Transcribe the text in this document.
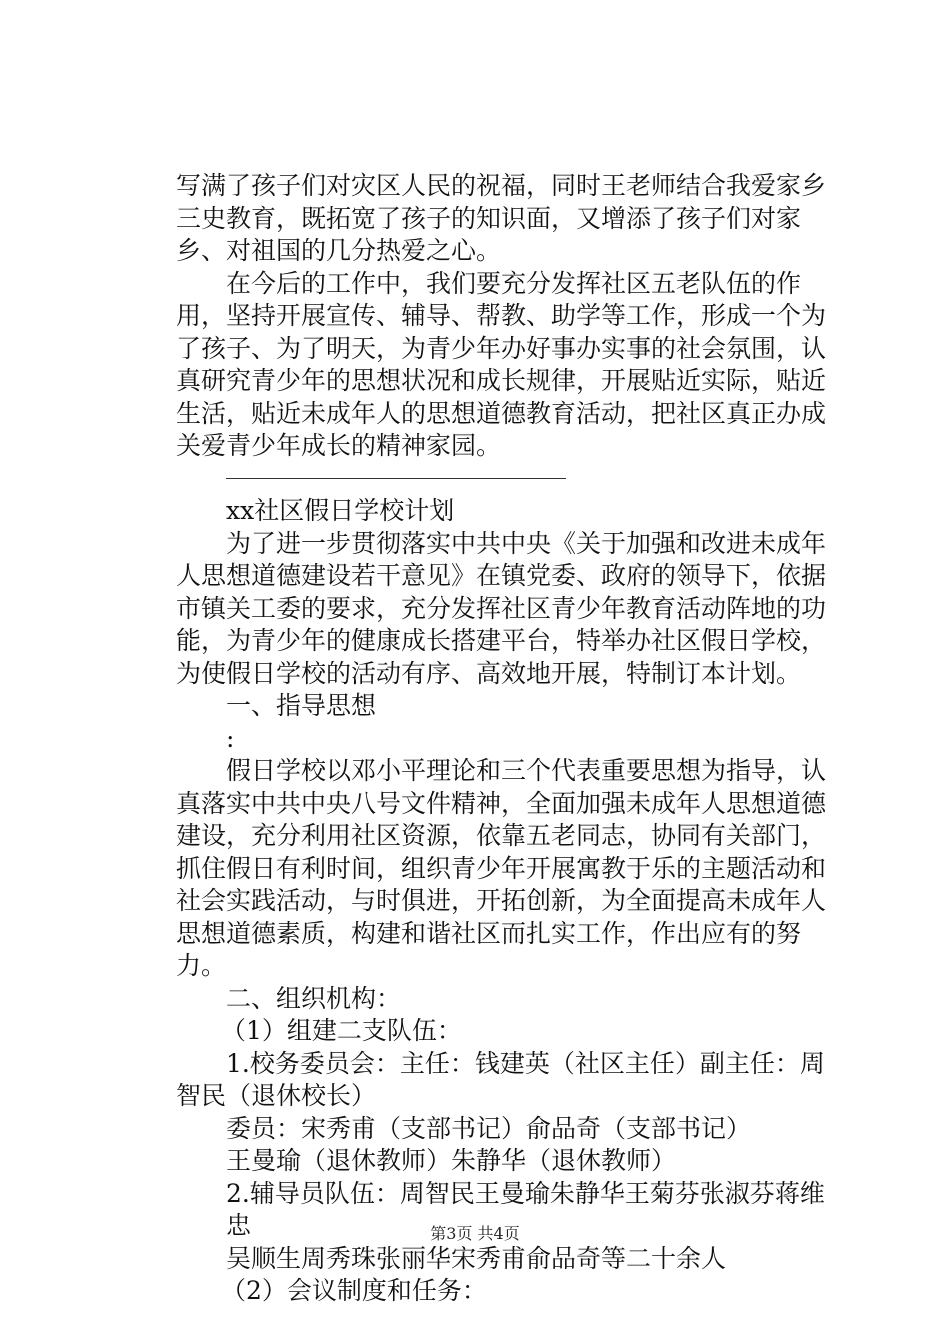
写满了孩子们对灾区人民的祝福，同时王老师结合我爱家乡三史教育，既拓宽了孩子的知识面，又增添了孩子们对家乡、对祖国的几分热爱之心。

在今后的工作中，我们要充分发挥社区五老队伍的作用，坚持开展宣传、辅导、帮教、助学等工作，形成一个为了孩子、为了明天，为青少年办好事办实事的社会氛围，认真研究青少年的思想状况和成长规律，开展贴近实际，贴近生活，贴近未成年人的思想道德教育活动，把社区真正办成关爱青少年成长的精神家园。

xx社区假日学校计划

为了进一步贯彻落实中共中央《关于加强和改进未成年人思想道德建设若干意见》在镇党委、政府的领导下，依据市镇关工委的要求，充分发挥社区青少年教育活动阵地的功能，为青少年的健康成长搭建平台，特举办社区假日学校，为使假日学校的活动有序、高效地开展，特制订本计划。

一、指导思想

:

假日学校以邓小平理论和三个代表重要思想为指导，认真落实中共中央八号文件精神，全面加强未成年人思想道德建设，充分利用社区资源，依靠五老同志，协同有关部门，抓住假日有利时间，组织青少年开展寓教于乐的主题活动和社会实践活动，与时俱进，开拓创新，为全面提高未成年人思想道德素质，构建和谐社区而扎实工作，作出应有的努力。

二、组织机构：

（1）组建二支队伍：

1.校务委员会：主任：钱建英（社区主任）副主任：周智民（退休校长）

委员：宋秀甫（支部书记）俞品奇（支部书记）

王曼瑜（退休教师）朱静华（退休教师）

2.辅导员队伍：周智民王曼瑜朱静华王菊芬张淑芬蒋维忠

吴顺生周秀珠张丽华宋秀甫俞品奇等二十余人

（2）会议制度和任务：

第3页 共4页
